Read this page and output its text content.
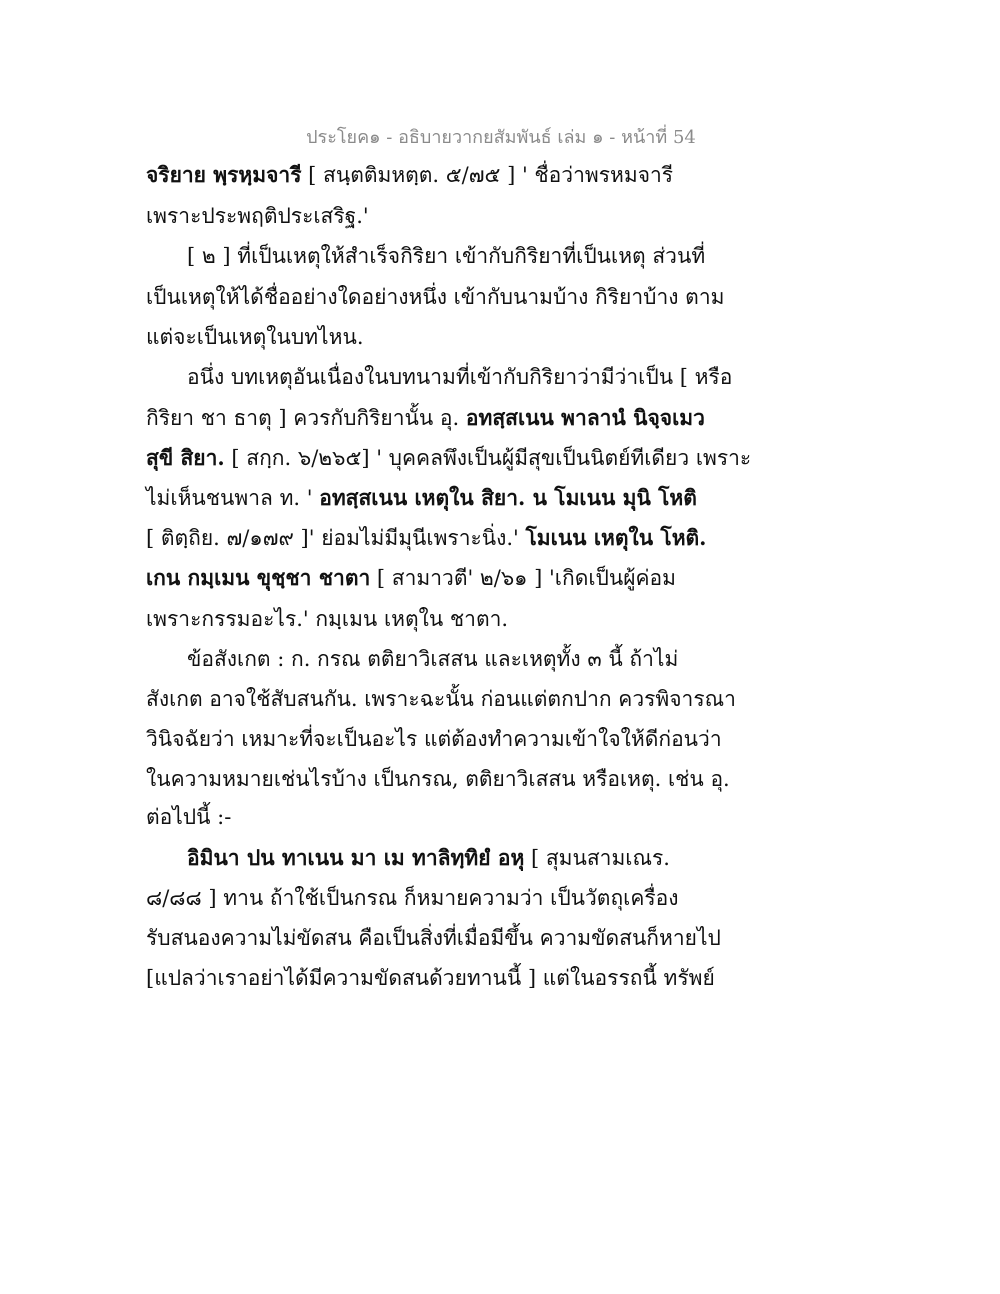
ประโยค๑ - อธิบายวากยสัมพันธ์ เล่ม ๑ - หน้าที่ 54
จริยาย พฺรหฺมจารี [ สนฺตติมหตฺต. ๕/๗๕ ] ' ชื่อว่าพรหมจารี
เพราะประพฤติประเสริฐ.'
[ ๒ ] ที่เป็นเหตุให้สำเร็จกิริยา เข้ากับกิริยาที่เป็นเหตุ ส่วนที่
เป็นเหตุให้ได้ชื่ออย่างใดอย่างหนึ่ง เข้ากับนามบ้าง กิริยาบ้าง ตาม
แต่จะเป็นเหตุในบทไหน.
อนึ่ง บทเหตุอันเนื่องในบทนามที่เข้ากับกิริยาว่ามีว่าเป็น [ หรือ
กิริยา ชา ธาตุ ] ควรกับกิริยานั้น อุ. อทสฺสเนน พาลานํ นิจฺจเมว
สุขี สิยา. [ สกฺก. ๖/๒๖๕] ' บุคคลพึงเป็นผู้มีสุขเป็นนิตย์ทีเดียว เพราะ
ไม่เห็นชนพาล ท. ' อทสฺสเนน เหตุใน สิยา. น โมเนน มุนิ โหติ
[ ติตฺถิย. ๗/๑๗๙ ]' ย่อมไม่มีมุนีเพราะนิ่ง.' โมเนน เหตุใน โหติ.
เกน กมฺเมน ขุชฺชา ชาตา [ สามาวตี' ๒/๖๑ ] 'เกิดเป็นผู้ค่อม
เพราะกรรมอะไร.' กมฺเมน เหตุใน ชาตา.
ข้อสังเกต : ก. กรณ ตติยาวิเสสน และเหตุทั้ง ๓ นี้ ถ้าไม่
สังเกต อาจใช้สับสนกัน. เพราะฉะนั้น ก่อนแต่ตกปาก ควรพิจารณา
วินิจฉัยว่า เหมาะที่จะเป็นอะไร แต่ต้องทำความเข้าใจให้ดีก่อนว่า
ในความหมายเช่นไรบ้าง เป็นกรณ, ตติยาวิเสสน หรือเหตุ. เช่น อุ.
ต่อไปนี้ :-
อิมินา ปน ทาเนน มา เม ทาลิทฺทิยํ อหุ [ สุมนสามเณร.
๘/๘๘ ] ทาน ถ้าใช้เป็นกรณ ก็หมายความว่า เป็นวัตถุเครื่อง
รับสนองความไม่ขัดสน คือเป็นสิ่งที่เมื่อมีขึ้น ความขัดสนก็หายไป
[แปลว่าเราอย่าได้มีความขัดสนด้วยทานนี้ ] แต่ในอรรถนี้ ทรัพย์
